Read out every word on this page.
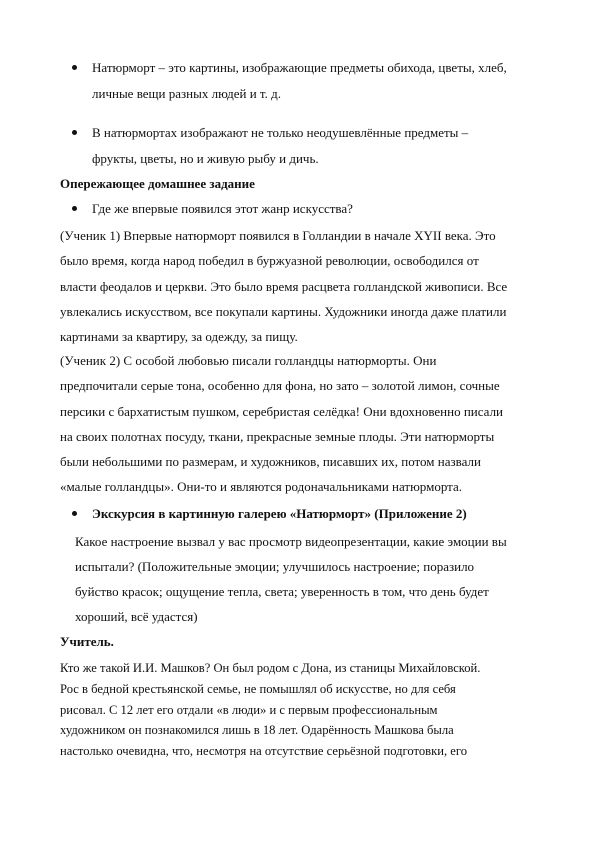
Натюрморт – это картины, изображающие предметы обихода, цветы, хлеб,
личные вещи разных людей и т. д.
В натюрмортах изображают не только неодушевлённые предметы –
фрукты, цветы, но и живую рыбу и дичь.
Опережающее домашнее задание
Где же впервые появился этот жанр искусства?
(Ученик 1) Впервые натюрморт появился в Голландии в начале XYII века. Это
было время, когда народ победил в буржуазной революции, освободился от
власти феодалов и церкви. Это было время расцвета голландской живописи. Все
увлекались искусством, все покупали картины. Художники иногда даже платили
картинами за квартиру, за одежду, за пищу.
(Ученик 2) С особой любовью писали голландцы натюрморты. Они
предпочитали серые тона, особенно для фона, но зато – золотой лимон, сочные
персики с бархатистым пушком, серебристая селёдка! Они вдохновенно писали
на своих полотнах посуду, ткани, прекрасные земные плоды. Эти натюрморты
были небольшими по размерам, и художников, писавших их, потом назвали
«малые голландцы». Они-то и являются родоначальниками натюрморта.
Экскурсия в картинную галерею «Натюрморт» (Приложение 2)
Какое настроение вызвал у вас просмотр видеопрезентации, какие эмоции вы
испытали? (Положительные эмоции; улучшилось настроение; поразило
буйство красок; ощущение тепла, света; уверенность в том, что день будет
хороший, всё удастся)
Учитель.
Кто же такой И.И. Машков? Он был родом с Дона, из станицы Михайловской.
Рос в бедной крестьянской семье, не помышлял об искусстве, но для себя
рисовал. С 12 лет его отдали «в люди» и с первым профессиональным
художником он познакомился лишь в 18 лет. Одарённость Машкова была
настолько очевидна, что, несмотря на отсутствие серьёзной подготовки, его
